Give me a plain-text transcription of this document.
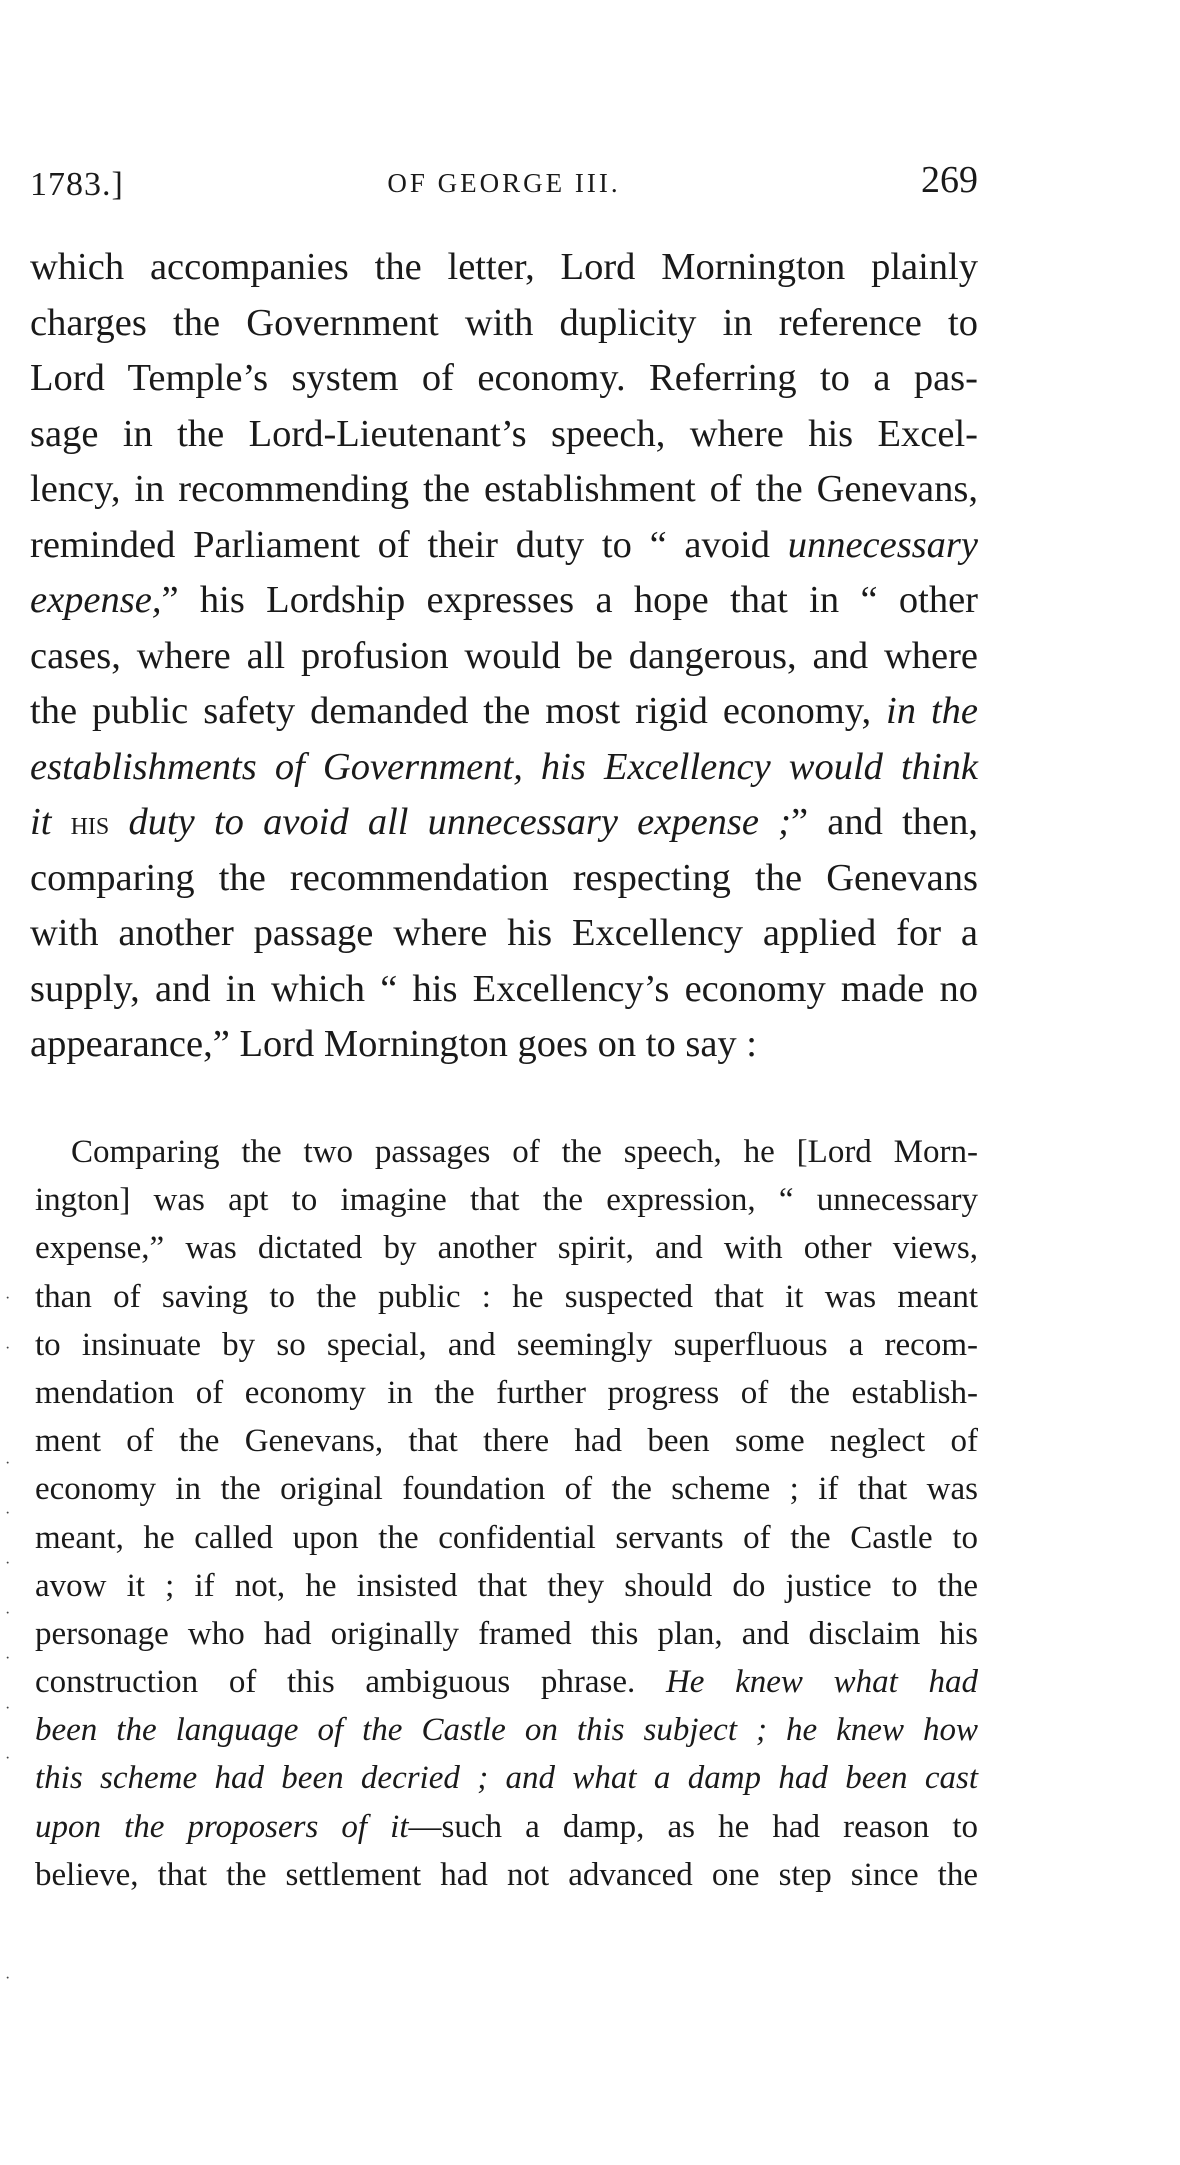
1783.]	OF GEORGE III.	269
which accompanies the letter, Lord Mornington plainly
charges the Government with duplicity in reference to
Lord Temple’s system of economy. Referring to a pas-
sage in the Lord-Lieutenant’s speech, where his Excel-
lency, in recommending the establishment of the Genevans,
reminded Parliament of their duty to “ avoid unnecessary
expense,” his Lordship expresses a hope that in “ other
cases, where all profusion would be dangerous, and where
the public safety demanded the most rigid economy, in the
establishments of Government, his Excellency would think
it his duty to avoid all unnecessary expense ;” and then,
comparing the recommendation respecting the Genevans
with another passage where his Excellency applied for a
supply, and in which “ his Excellency’s economy made no
appearance,” Lord Mornington goes on to say :
Comparing the two passages of the speech, he [Lord Morn-
ington] was apt to imagine that the expression, “ unnecessary
expense,” was dictated by another spirit, and with other views,
than of saving to the public : he suspected that it was meant
to insinuate by so special, and seemingly superfluous a recom-
mendation of economy in the further progress of the establish-
ment of the Genevans, that there had been some neglect of
economy in the original foundation of the scheme ; if that was
meant, he called upon the confidential servants of the Castle to
avow it ; if not, he insisted that they should do justice to the
personage who had originally framed this plan, and disclaim his
construction of this ambiguous phrase. He knew what had
been the language of the Castle on this subject ; he knew how
this scheme had been decried ; and what a damp had been cast
upon the proposers of it—such a damp, as he had reason to
believe, that the settlement had not advanced one step since the
·
·
·
·
·
·
·
·
·
·
